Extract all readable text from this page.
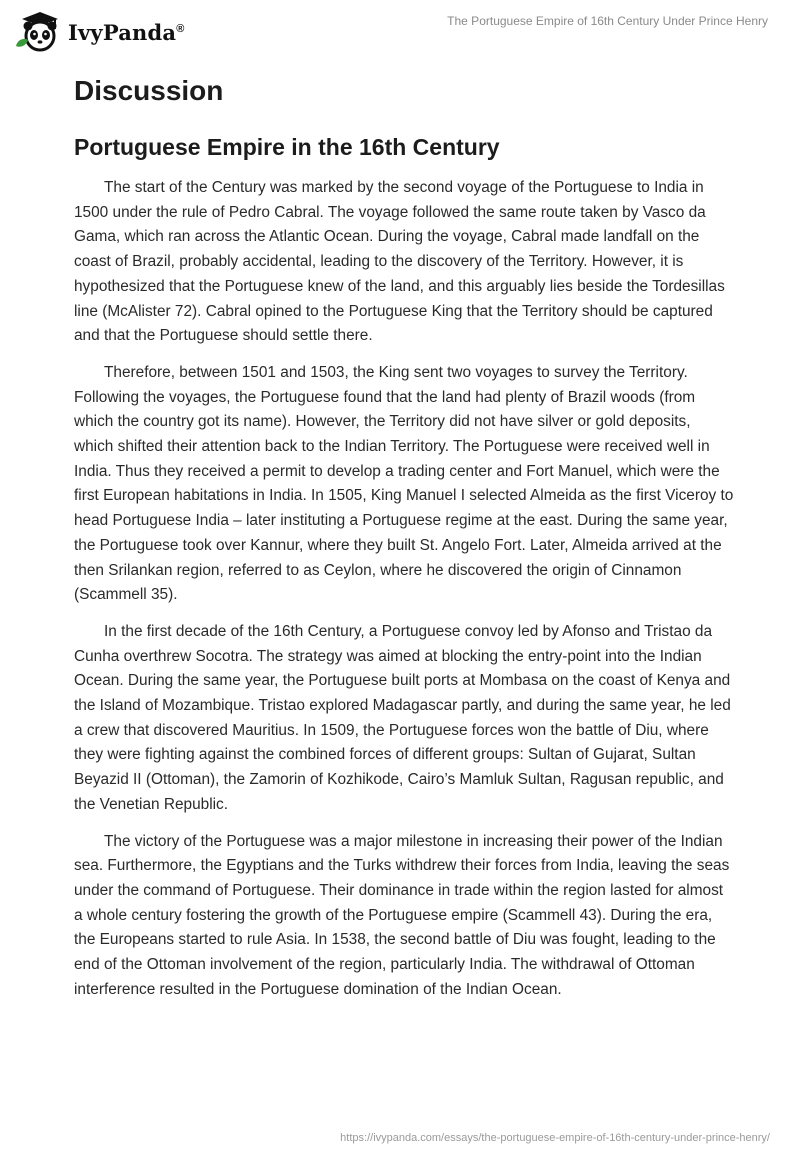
IvyPanda®
The Portuguese Empire of 16th Century Under Prince Henry
Discussion
Portuguese Empire in the 16th Century

The start of the Century was marked by the second voyage of the Portuguese to India in 1500 under the rule of Pedro Cabral. The voyage followed the same route taken by Vasco da Gama, which ran across the Atlantic Ocean. During the voyage, Cabral made landfall on the coast of Brazil, probably accidental, leading to the discovery of the Territory. However, it is hypothesized that the Portuguese knew of the land, and this arguably lies beside the Tordesillas line (McAlister 72). Cabral opined to the Portuguese King that the Territory should be captured and that the Portuguese should settle there.

Therefore, between 1501 and 1503, the King sent two voyages to survey the Territory. Following the voyages, the Portuguese found that the land had plenty of Brazil woods (from which the country got its name). However, the Territory did not have silver or gold deposits, which shifted their attention back to the Indian Territory. The Portuguese were received well in India. Thus they received a permit to develop a trading center and Fort Manuel, which were the first European habitations in India. In 1505, King Manuel I selected Almeida as the first Viceroy to head Portuguese India – later instituting a Portuguese regime at the east. During the same year, the Portuguese took over Kannur, where they built St. Angelo Fort. Later, Almeida arrived at the then Srilankan region, referred to as Ceylon, where he discovered the origin of Cinnamon (Scammell 35).

In the first decade of the 16th Century, a Portuguese convoy led by Afonso and Tristao da Cunha overthrew Socotra. The strategy was aimed at blocking the entry-point into the Indian Ocean. During the same year, the Portuguese built ports at Mombasa on the coast of Kenya and the Island of Mozambique. Tristao explored Madagascar partly, and during the same year, he led a crew that discovered Mauritius. In 1509, the Portuguese forces won the battle of Diu, where they were fighting against the combined forces of different groups: Sultan of Gujarat, Sultan Beyazid II (Ottoman), the Zamorin of Kozhikode, Cairo’s Mamluk Sultan, Ragusan republic, and the Venetian Republic.

The victory of the Portuguese was a major milestone in increasing their power of the Indian sea. Furthermore, the Egyptians and the Turks withdrew their forces from India, leaving the seas under the command of Portuguese. Their dominance in trade within the region lasted for almost a whole century fostering the growth of the Portuguese empire (Scammell 43). During the era, the Europeans started to rule Asia. In 1538, the second battle of Diu was fought, leading to the end of the Ottoman involvement of the region, particularly India. The withdrawal of Ottoman interference resulted in the Portuguese domination of the Indian Ocean.

https://ivypanda.com/essays/the-portuguese-empire-of-16th-century-under-prince-henry/
